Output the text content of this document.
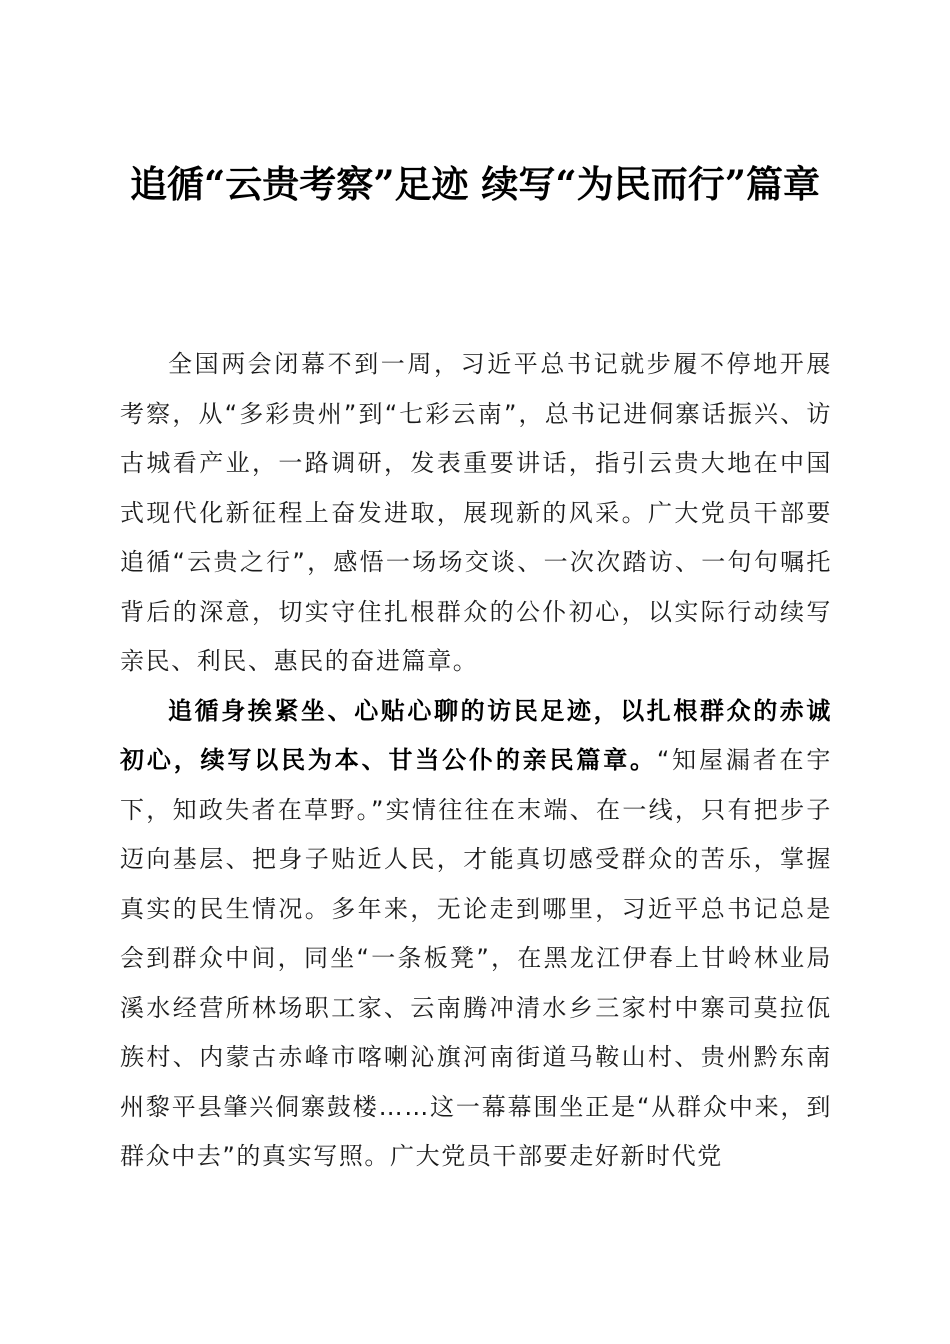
追循“云贵考察”足迹 续写“为民而行”篇章

全国两会闭幕不到一周，习近平总书记就步履不停地开展考察，从“多彩贵州”到“七彩云南”，总书记进侗寨话振兴、访古城看产业，一路调研，发表重要讲话，指引云贵大地在中国式现代化新征程上奋发进取，展现新的风采。广大党员干部要追循“云贵之行”，感悟一场场交谈、一次次踏访、一句句嘱托背后的深意，切实守住扎根群众的公仆初心，以实际行动续写亲民、利民、惠民的奋进篇章。

追循身挨紧坐、心贴心聊的访民足迹，以扎根群众的赤诚初心，续写以民为本、甘当公仆的亲民篇章。“知屋漏者在宇下，知政失者在草野。”实情往往在末端、在一线，只有把步子迈向基层、把身子贴近人民，才能真切感受群众的苦乐，掌握真实的民生情况。多年来，无论走到哪里，习近平总书记总是会到群众中间，同坐“一条板凳”，在黑龙江伊春上甘岭林业局溪水经营所林场职工家、云南腾冲清水乡三家村中寨司莫拉佤族村、内蒙古赤峰市喀喇沁旗河南街道马鞍山村、贵州黔东南州黎平县肇兴侗寨鼓楼……这一幕幕围坐正是“从群众中来，到群众中去”的真实写照。广大党员干部要走好新时代党
